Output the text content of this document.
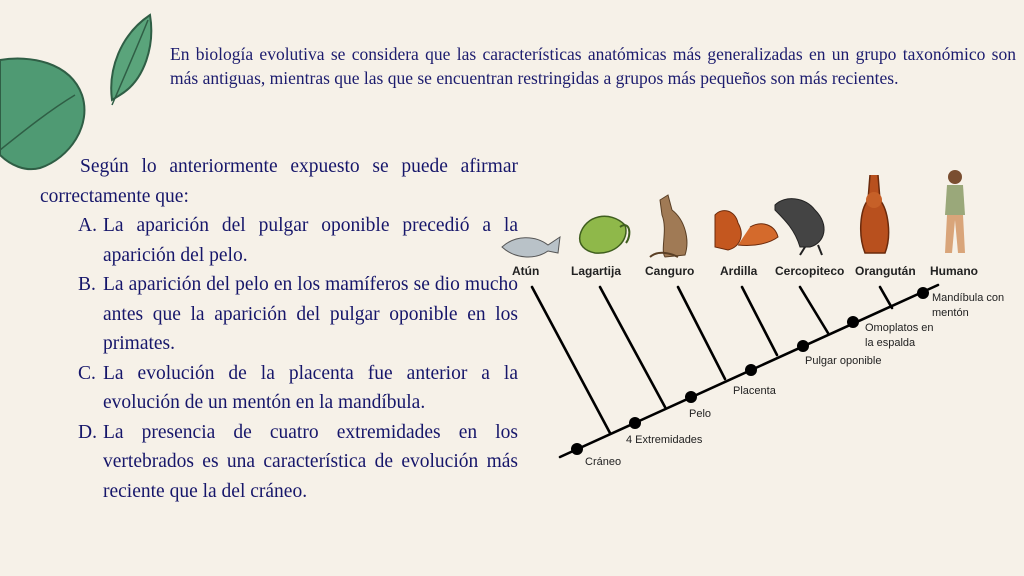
En biología evolutiva se considera que las características anatómicas más generalizadas en un grupo taxonómico son más antiguas, mientras que las que se encuentran restringidas a grupos más pequeños son más recientes.

Según lo anteriormente expuesto se puede afirmar correctamente que:

A. La aparición del pulgar oponible precedió a la aparición del pelo.
B. La aparición del pelo en los mamíferos se dio mucho antes que la aparición del pulgar oponible en los primates.
C. La evolución de la placenta fue anterior a la evolución de un mentón en la mandíbula.
D. La presencia de cuatro extremidades en los vertebrados es una característica de evolución más reciente que la del cráneo.
Atún	Lagartija Canguro Ardilla Cercopiteco Orangután Humano
Cráneo
4 Extremidades
Pelo
Placenta
Pulgar oponible
Omoplatos en
la espalda
Mandíbula con
mentón
